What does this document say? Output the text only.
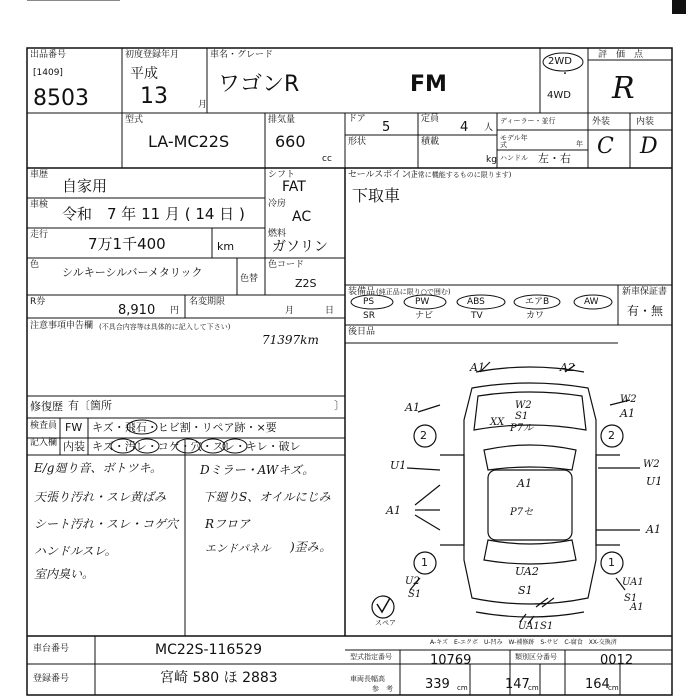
出品番号
[1409]
8503
初度登録年月
平成
13	月
車名・グレード
ワゴンR	FM
2WD
・
4WD
評　価　点
R
型式
LA-MC22S
排気量
660
cc
ドア
5
定員
4 人
形状	積載
kg
ディーラー・並行
モデル年式	年
ハンドル 左・右
外装	内装
C D
車歴
自家用
車検 令和　7 年 11 月 ( 14 日 )
走行	7万1千400	km
シフト
FAT
冷房
AC
燃料
ガソリン
色
シルキーシルバーメタリック	色替
色コード
Z2S
R券
8,910 円
名変期限
月	日
注意事項申告欄 (不具合内容等は具体的に記入して下さい)
71397km
修復歴 有〔箇所	〕
検査員
記入欄
FW キズ・飛石・ヒビ割・リペア跡・×要
内装 キズ・汚レ・コゲ・穴・スレ・キレ・破レ
E/g廻り音、ボトツキ。
天張り汚れ・スレ黄ばみ
シート汚れ・スレ・コゲ穴
ハンドルスレ。
室内臭い。
Dミラー・AWキズ。
下廻りS、オイルにじみ
Rフロア
エンドパネル )歪み。
セールスポイント
(正常に機能するものに限ります)
下取車
装備品 (純正品に限り○で囲む)
PS	PW	ABS	エアB	AW
SR	ナビ	TV	カワ
新車保証書
有・無
後日品
A1	A2
A1
W2
A1
XX
W2
S1
P7ル
2	2
U1	W2
U1
A1
A1	P7セ
A1
1	1
UA2
S1
U2
S1
UA1
S1
UA1 S1
A1
スペア
A-キズ　E-エクボ　U-凹み　W-補修跡　S-サビ　C-腐食　XX-交換済
車台番号	MC22S-116529
登録番号	宮崎 580 ほ 2883
型式指定番号	10769	類別区分番号	0012
車両長幅高
参　考 339 cm	147
cm	164
cm
